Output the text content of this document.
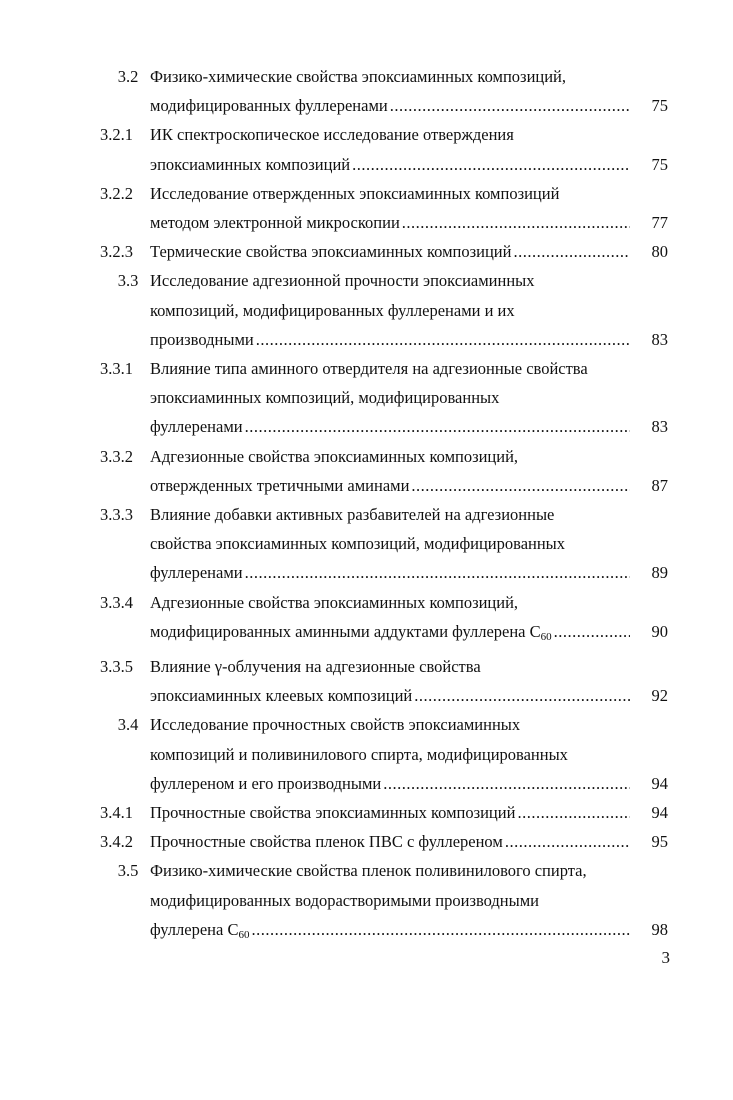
3.2 Физико-химические свойства эпоксиаминных композиций,
модифицированных фуллеренами .....	75
3.2.1	ИК спектроскопическое исследование отверждения
эпоксиаминных композиций .....	75
3.2.2	Исследование отвержденных эпоксиаминных композиций
методом электронной микроскопии .....	77
3.2.3	Термические свойства эпоксиаминных композиций .....	80
3.3 Исследование адгезионной прочности эпоксиаминных
композиций, модифицированных фуллеренами и их
производными .....	83
3.3.1	Влияние типа аминного отвердителя на адгезионные свойства
эпоксиаминных композиций, модифицированных
фуллеренами .....	83
3.3.2	Адгезионные свойства эпоксиаминных композиций,
отвержденных третичными аминами .....	87
3.3.3	Влияние добавки активных разбавителей на адгезионные
свойства эпоксиаминных композиций, модифицированных
фуллеренами .....	89
3.3.4	Адгезионные свойства эпоксиаминных композиций,
модифицированных аминными аддуктами фуллерена $С_{60}$ .....	90
3.3.5	Влияние γ-облучения на адгезионные свойства
эпоксиаминных клеевых композиций .....	92
3.4 Исследование прочностных свойств эпоксиаминных
композиций и поливинилового спирта, модифицированных
фуллереном и его производными .....	94
3.4.1	Прочностные свойства эпоксиаминных композиций .....	94
3.4.2	Прочностные свойства пленок ПВС с фуллереном .....	95
3.5 Физико-химические свойства пленок поливинилового спирта,
модифицированных водорастворимыми производными
фуллерена $С_{60}$ .....	98
3
